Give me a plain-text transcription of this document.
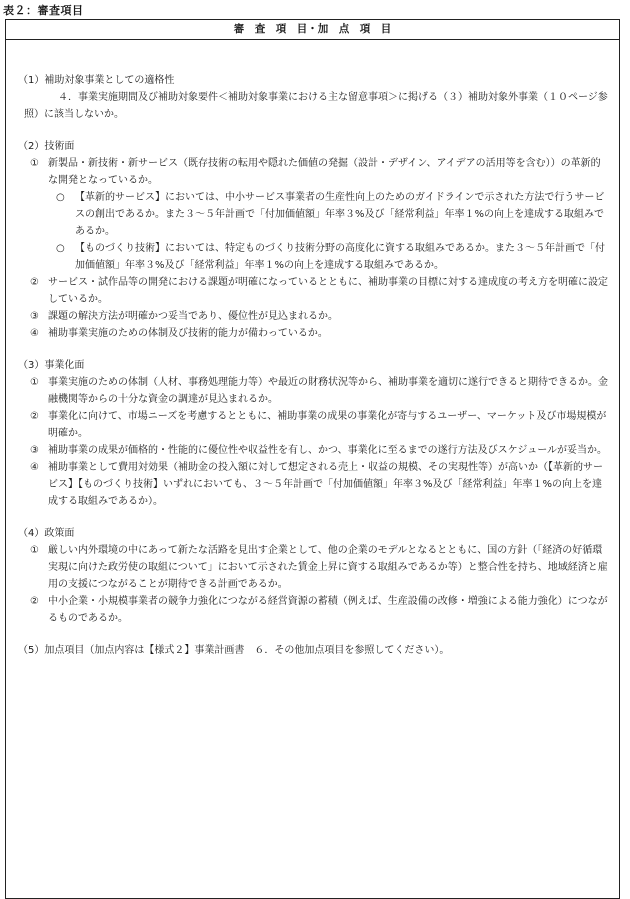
表２：審査項目
審　査　項　目・加　点　項　目
（1）補助対象事業としての適格性
　４．事業実施期間及び補助対象要件＜補助対象事業における主な留意事項＞に掲げる（３）補助対象外事業（１０ページ参照）に該当しないか。
（2）技術面
① 新製品・新技術・新サービス（既存技術の転用や隠れた価値の発掘（設計・デザイン、アイデアの活用等を含む））の革新的な開発となっているか。
○ 【革新的サービス】においては、中小サービス事業者の生産性向上のためのガイドラインで示された方法で行うサービスの創出であるか。また３～５年計画で「付加価値額」年率３%及び「経常利益」年率１%の向上を達成する取組みであるか。
○ 【ものづくり技術】においては、特定ものづくり技術分野の高度化に資する取組みであるか。また３～５年計画で「付加価値額」年率３%及び「経常利益」年率１%の向上を達成する取組みであるか。
② サービス・試作品等の開発における課題が明確になっているとともに、補助事業の目標に対する達成度の考え方を明確に設定しているか。
③ 課題の解決方法が明確かつ妥当であり、優位性が見込まれるか。
④ 補助事業実施のための体制及び技術的能力が備わっているか。
（3）事業化面
① 事業実施のための体制（人材、事務処理能力等）や最近の財務状況等から、補助事業を適切に遂行できると期待できるか。金融機関等からの十分な資金の調達が見込まれるか。
② 事業化に向けて、市場ニーズを考慮するとともに、補助事業の成果の事業化が寄与するユーザー、マーケット及び市場規模が明確か。
③ 補助事業の成果が価格的・性能的に優位性や収益性を有し、かつ、事業化に至るまでの遂行方法及びスケジュールが妥当か。
④ 補助事業として費用対効果（補助金の投入額に対して想定される売上・収益の規模、その実現性等）が高いか（【革新的サービス】【ものづくり技術】いずれにおいても、３～５年計画で「付加価値額」年率３%及び「経常利益」年率１%の向上を達成する取組みであるか）。
（4）政策面
① 厳しい内外環境の中にあって新たな活路を見出す企業として、他の企業のモデルとなるとともに、国の方針（「経済の好循環実現に向けた政労使の取組について」において示された賃金上昇に資する取組みであるか等）と整合性を持ち、地域経済と雇用の支援につながることが期待できる計画であるか。
② 中小企業・小規模事業者の競争力強化につながる経営資源の蓄積（例えば、生産設備の改修・増強による能力強化）につながるものであるか。
（5）加点項目（加点内容は【様式２】事業計画書　６．その他加点項目を参照してください）。
